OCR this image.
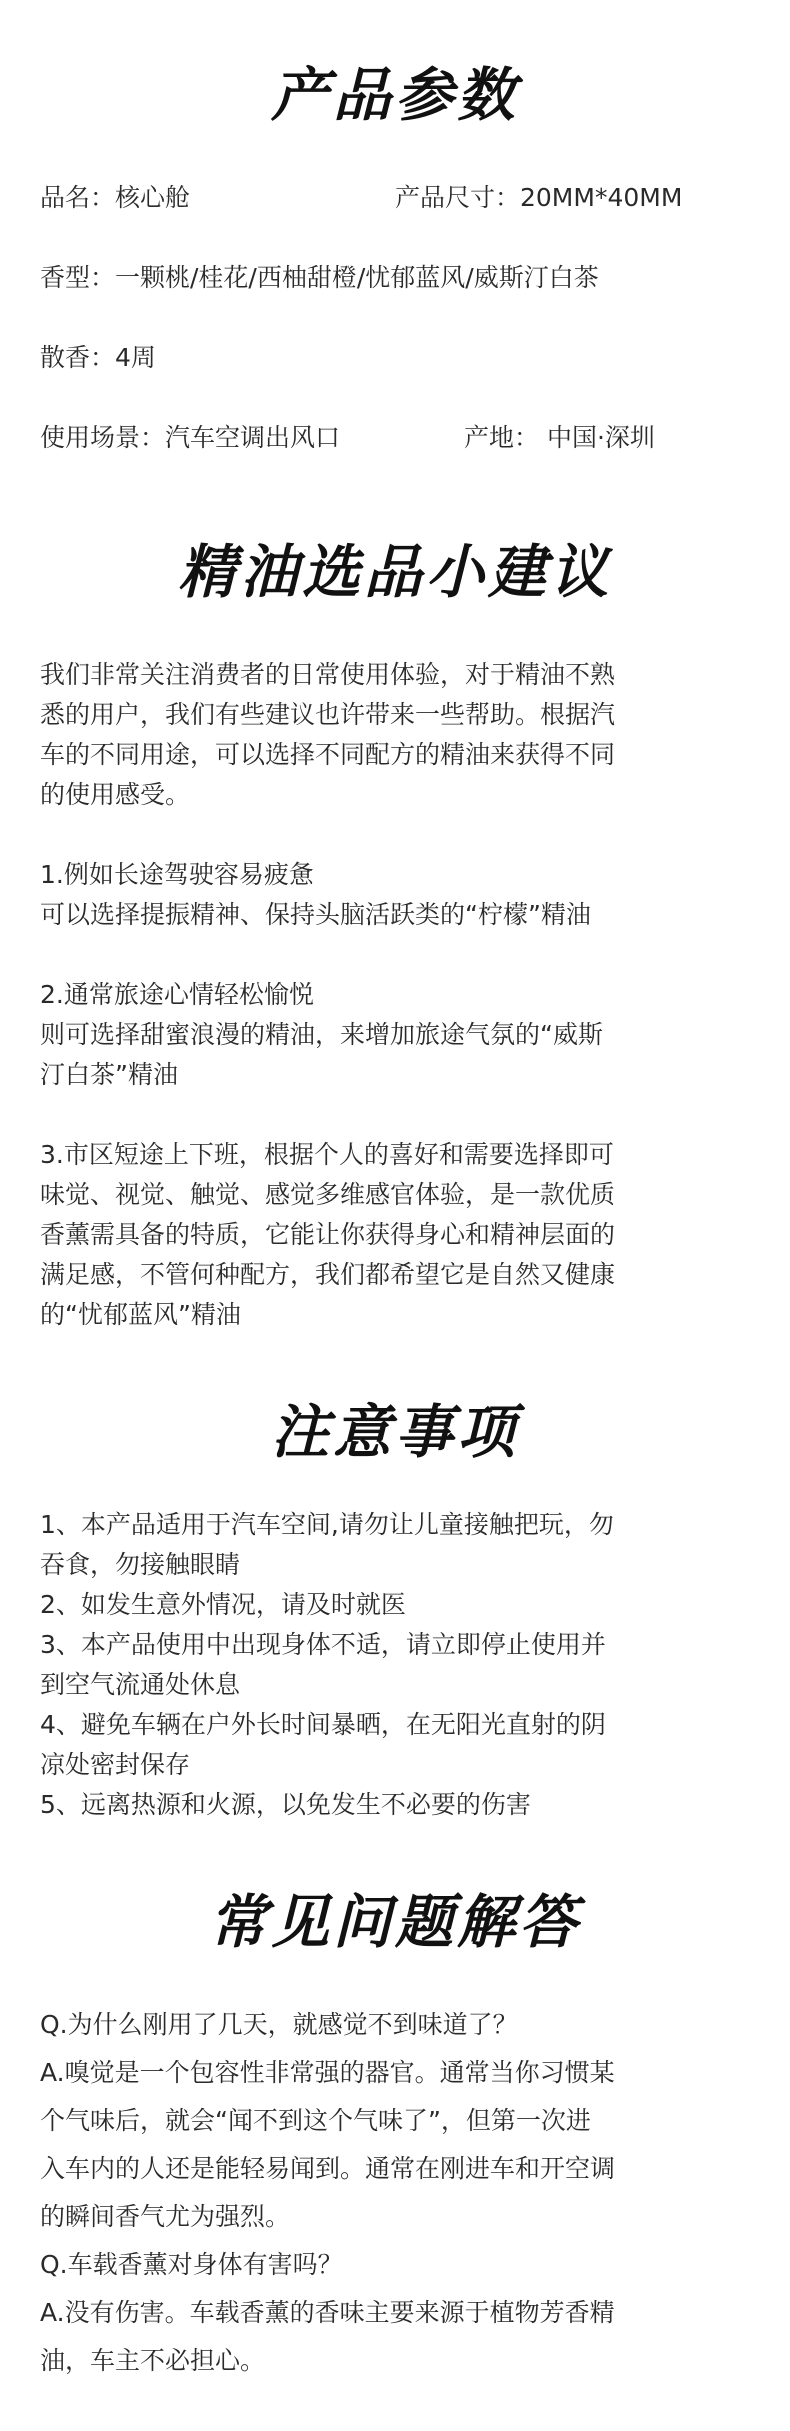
产品参数
品名：核心舱	产品尺寸：20MM*40MM
香型：一颗桃/桂花/西柚甜橙/忧郁蓝风/威斯汀白茶
散香：4周
使用场景：汽车空调出风口	产地： 中国·深圳
精油选品小建议

我们非常关注消费者的日常使用体验，对于精油不熟
悉的用户，我们有些建议也许带来一些帮助。根据汽
车的不同用途，可以选择不同配方的精油来获得不同
的使用感受。

1.例如长途驾驶容易疲惫
可以选择提振精神、保持头脑活跃类的“柠檬”精油

2.通常旅途心情轻松愉悦
则可选择甜蜜浪漫的精油，来增加旅途气氛的“威斯
汀白茶”精油

3.市区短途上下班，根据个人的喜好和需要选择即可
味觉、视觉、触觉、感觉多维感官体验，是一款优质
香薰需具备的特质，它能让你获得身心和精神层面的
满足感，不管何种配方，我们都希望它是自然又健康
的“忧郁蓝风”精油

注意事项
1、本产品适用于汽车空间,请勿让儿童接触把玩，勿
吞食，勿接触眼睛
2、如发生意外情况，请及时就医
3、本产品使用中出现身体不适，请立即停止使用并
到空气流通处休息
4、避免车辆在户外长时间暴晒，在无阳光直射的阴
凉处密封保存
5、远离热源和火源，以免发生不必要的伤害
常见问题解答
Q.为什么刚用了几天，就感觉不到味道了？
A.嗅觉是一个包容性非常强的器官。通常当你习惯某
个气味后，就会“闻不到这个气味了”，但第一次进
入车内的人还是能轻易闻到。通常在刚进车和开空调
的瞬间香气尤为强烈。
Q.车载香薰对身体有害吗？
A.没有伤害。车载香薰的香味主要来源于植物芳香精
油，车主不必担心。
